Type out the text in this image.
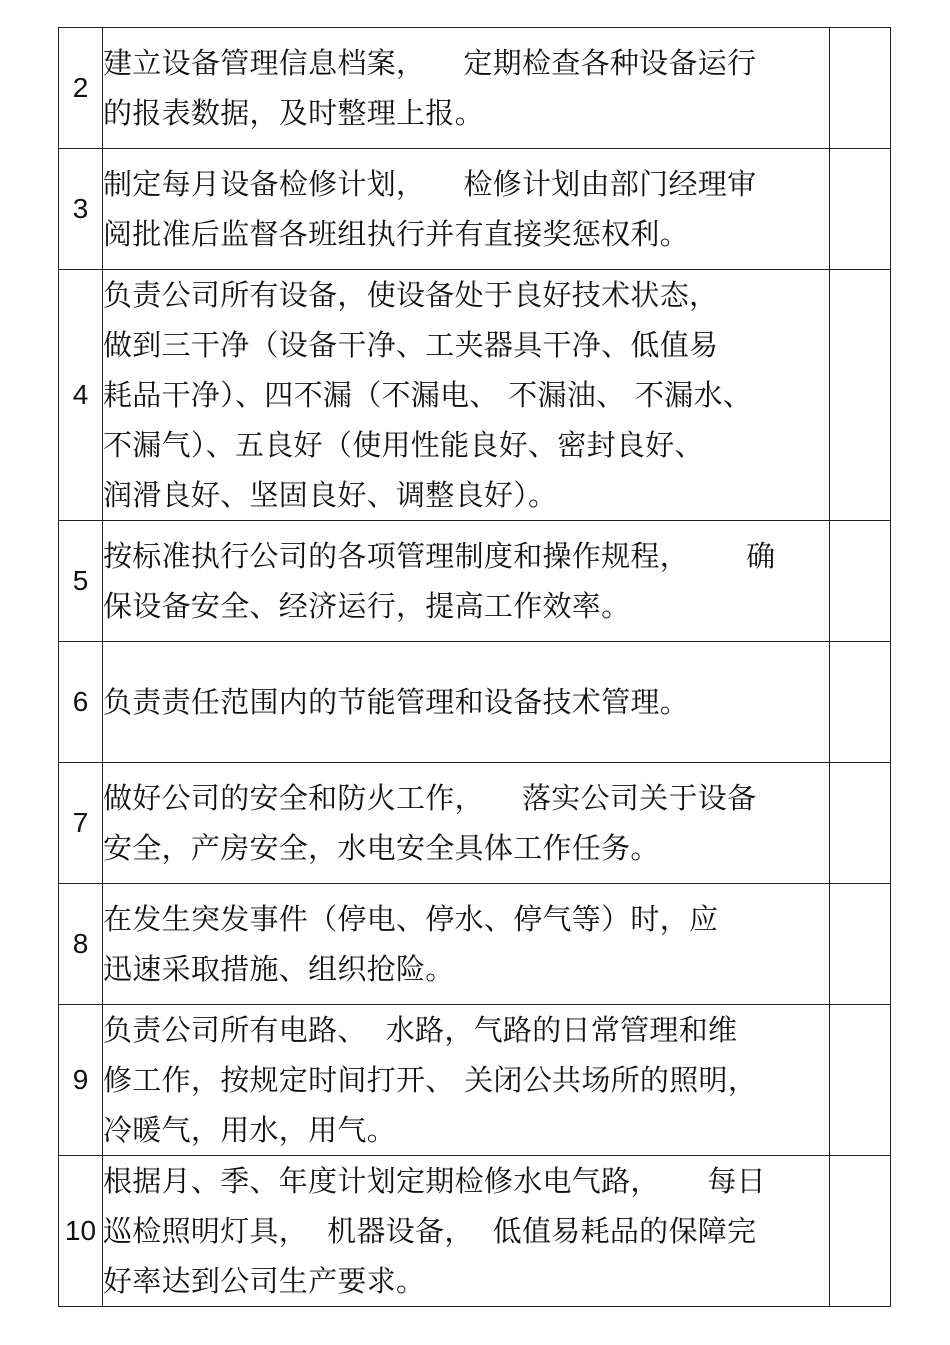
2	建立设备管理信息档案，    定期检查各种设备运行
的报表数据，及时整理上报。	

3	制定每月设备检修计划，    检修计划由部门经理审
阅批准后监督各班组执行并有直接奖惩权利。	

4	负责公司所有设备，使设备处于良好技术状态，
做到三干净（设备干净、工夹器具干净、低值易
耗品干净）、四不漏（不漏电、 不漏油、 不漏水、
不漏气）、五良好（使用性能良好、密封良好、
润滑良好、坚固良好、调整良好）。	

5	按标准执行公司的各项管理制度和操作规程，      确
保设备安全、经济运行，提高工作效率。	

6	负责责任范围内的节能管理和设备技术管理。	

7	做好公司的安全和防火工作，    落实公司关于设备
安全，产房安全，水电安全具体工作任务。	

8	在发生突发事件（停电、停水、停气等）时，应
迅速采取措施、组织抢险。	

9	负责公司所有电路、  水路，气路的日常管理和维
修工作，按规定时间打开、 关闭公共场所的照明，
冷暖气，用水，用气。	

10	根据月、季、年度计划定期检修水电气路，     每日
巡检照明灯具，  机器设备，  低值易耗品的保障完
好率达到公司生产要求。	
